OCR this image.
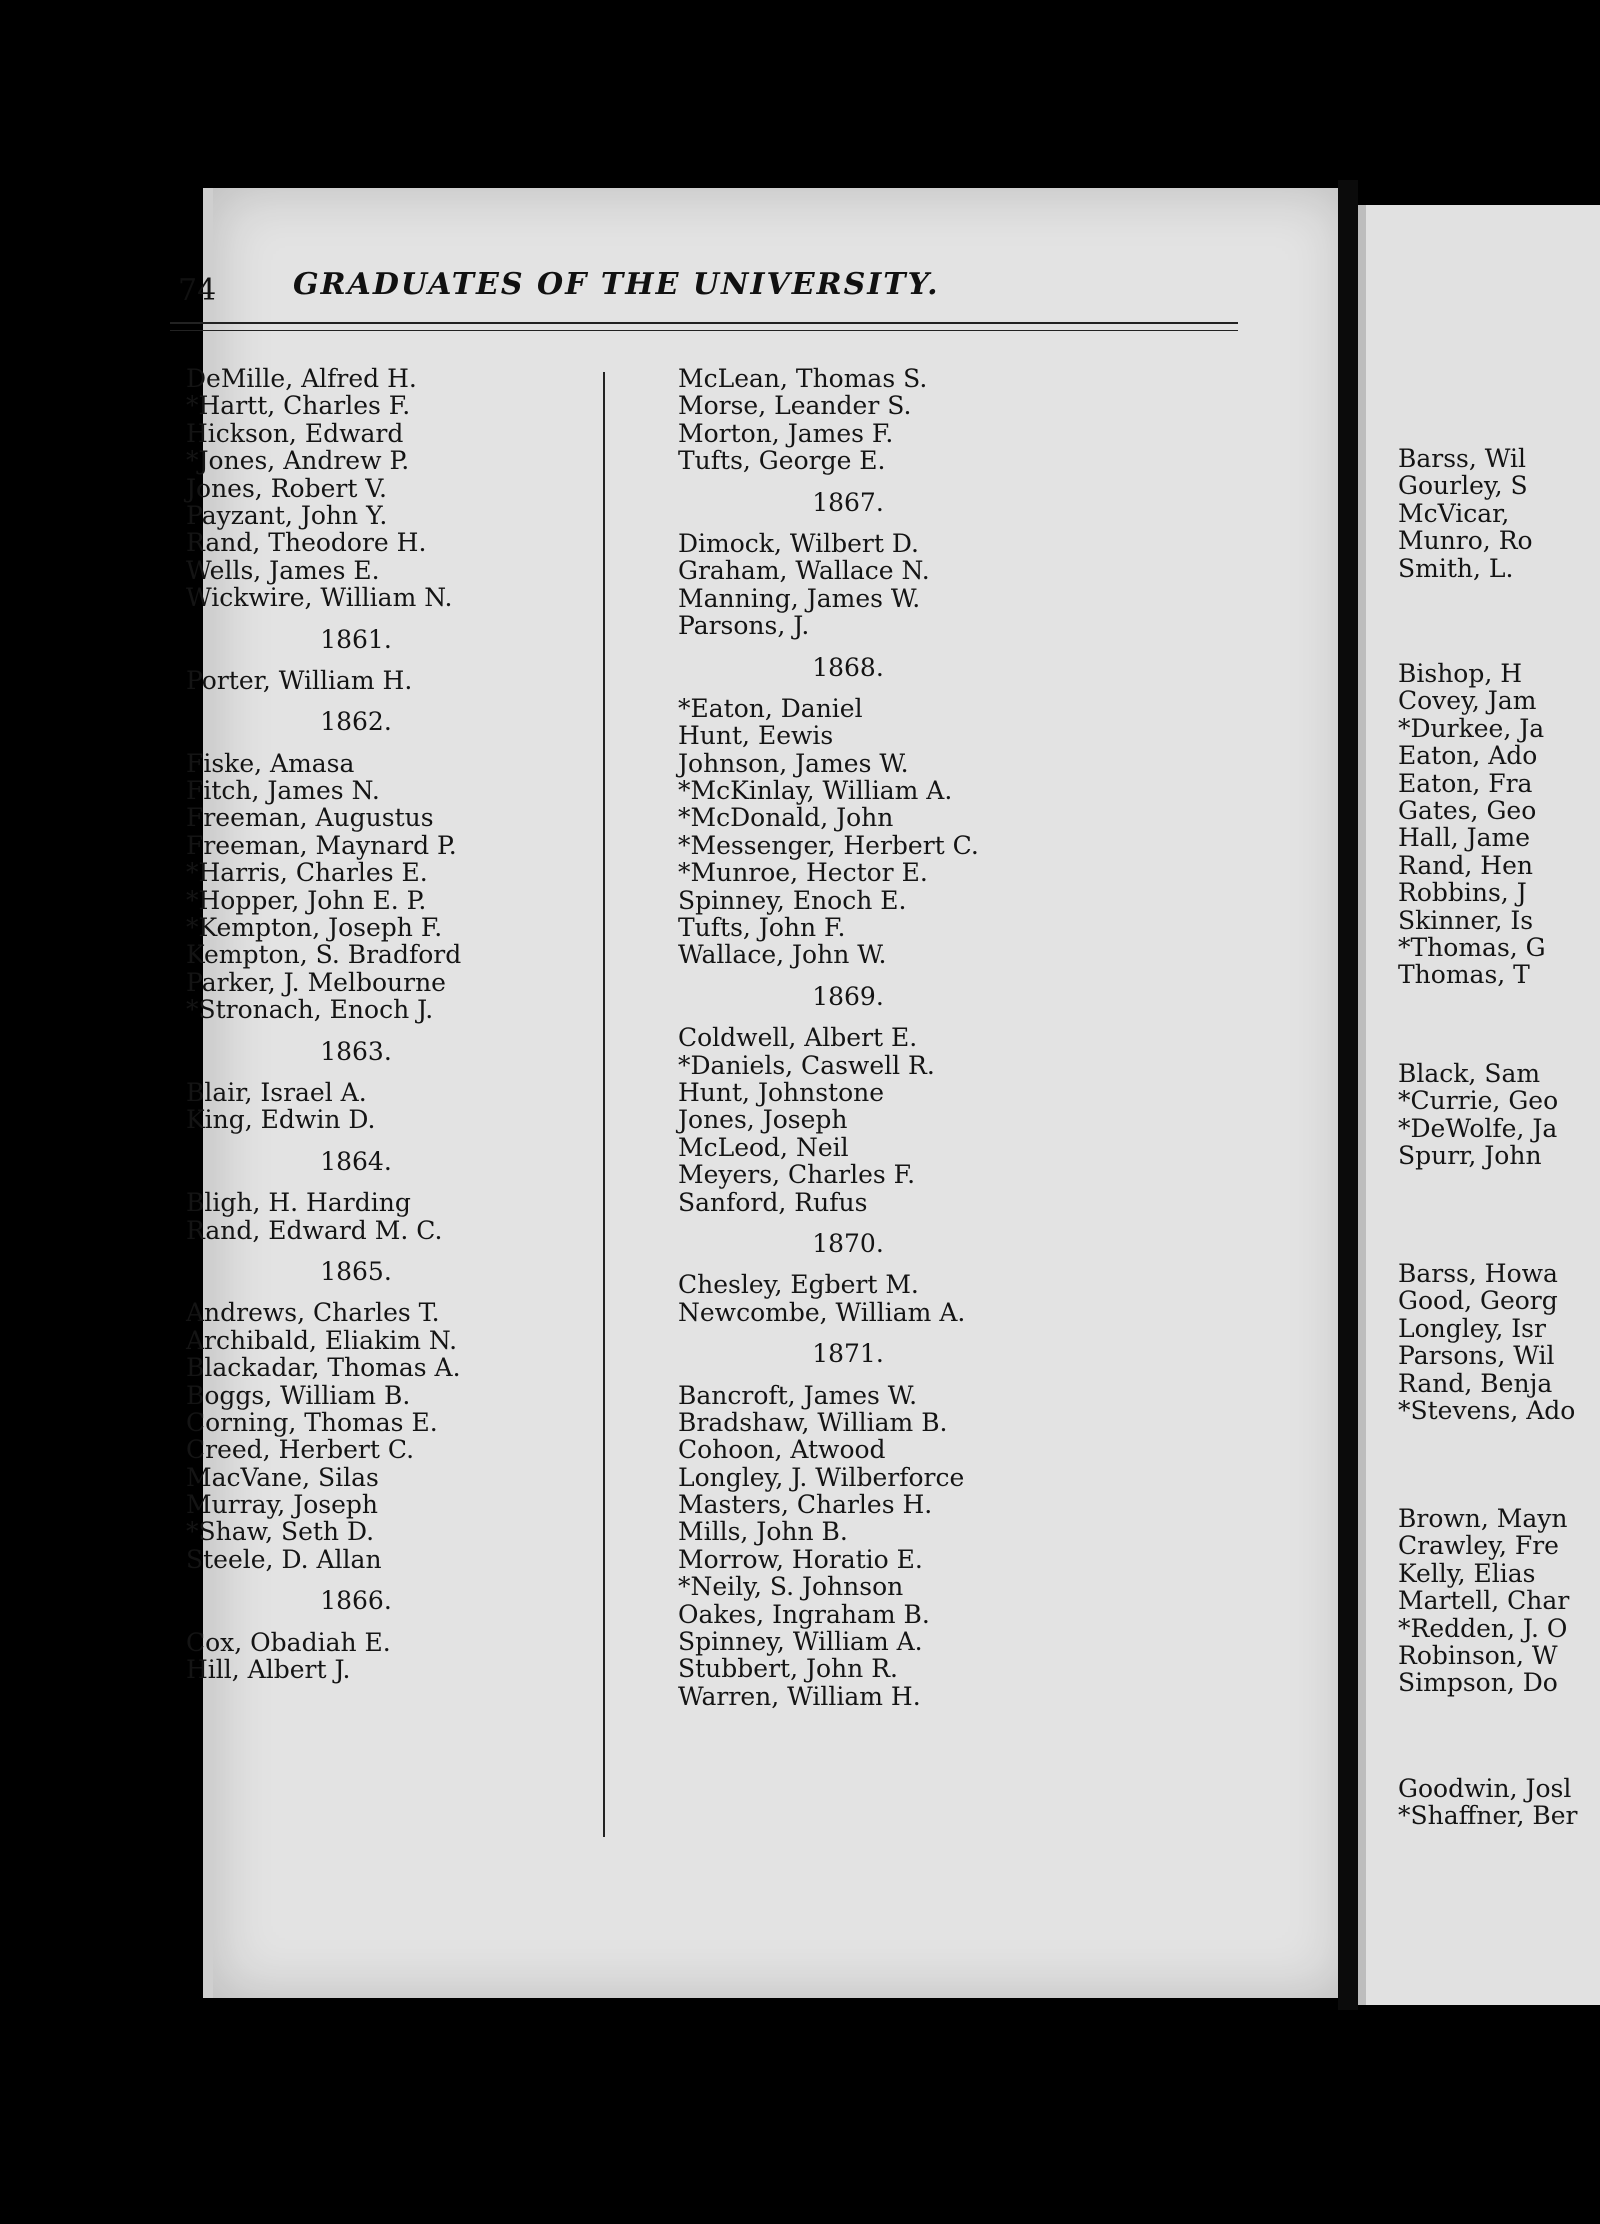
Barss, Wil
Gourley, S
McVicar,
Munro, Ro
Smith, L.
Bishop, H
Covey, Jam
*Durkee, Ja
Eaton, Ado
Eaton, Fra
Gates, Geo
Hall, Jame
Rand, Hen
Robbins, J
Skinner, Is
*Thomas, G
Thomas, T
Black, Sam
*Currie, Geo
*DeWolfe, Ja
Spurr, John
Barss, Howa
Good, Georg
Longley, Isr
Parsons, Wil
Rand, Benja
*Stevens, Ado
Brown, Mayn
Crawley, Fre
Kelly, Elias
Martell, Char
*Redden, J. O
Robinson, W
Simpson, Do
Goodwin, Josl
*Shaffner, Ber
74	GRADUATES OF THE UNIVERSITY.
DeMille, Alfred H.
*Hartt, Charles F.
Hickson, Edward
*Jones, Andrew P.
Jones, Robert V.
Payzant, John Y.
Rand, Theodore H.
Wells, James E.
Wickwire, William N.
1861.
Porter, William H.
1862.
Fiske, Amasa
Fitch, James N.
Freeman, Augustus
Freeman, Maynard P.
*Harris, Charles E.
*Hopper, John E. P.
*Kempton, Joseph F.
Kempton, S. Bradford
Parker, J. Melbourne
*Stronach, Enoch J.
1863.
Blair, Israel A.
King, Edwin D.
1864.
Bligh, H. Harding
Rand, Edward M. C.
1865.
Andrews, Charles T.
Archibald, Eliakim N.
Blackadar, Thomas A.
Boggs, William B.
Corning, Thomas E.
Creed, Herbert C.
MacVane, Silas
Murray, Joseph
*Shaw, Seth D.
Steele, D. Allan
1866.
Cox, Obadiah E.
Hill, Albert J.
McLean, Thomas S.
Morse, Leander S.
Morton, James F.
Tufts, George E.
1867.
Dimock, Wilbert D.
Graham, Wallace N.
Manning, James W.
Parsons, J.
1868.
*Eaton, Daniel
Hunt, Eewis
Johnson, James W.
*McKinlay, William A.
*McDonald, John
*Messenger, Herbert C.
*Munroe, Hector E.
Spinney, Enoch E.
Tufts, John F.
Wallace, John W.
1869.
Coldwell, Albert E.
*Daniels, Caswell R.
Hunt, Johnstone
Jones, Joseph
McLeod, Neil
Meyers, Charles F.
Sanford, Rufus
1870.
Chesley, Egbert M.
Newcombe, William A.
1871.
Bancroft, James W.
Bradshaw, William B.
Cohoon, Atwood
Longley, J. Wilberforce
Masters, Charles H.
Mills, John B.
Morrow, Horatio E.
*Neily, S. Johnson
Oakes, Ingraham B.
Spinney, William A.
Stubbert, John R.
Warren, William H.
